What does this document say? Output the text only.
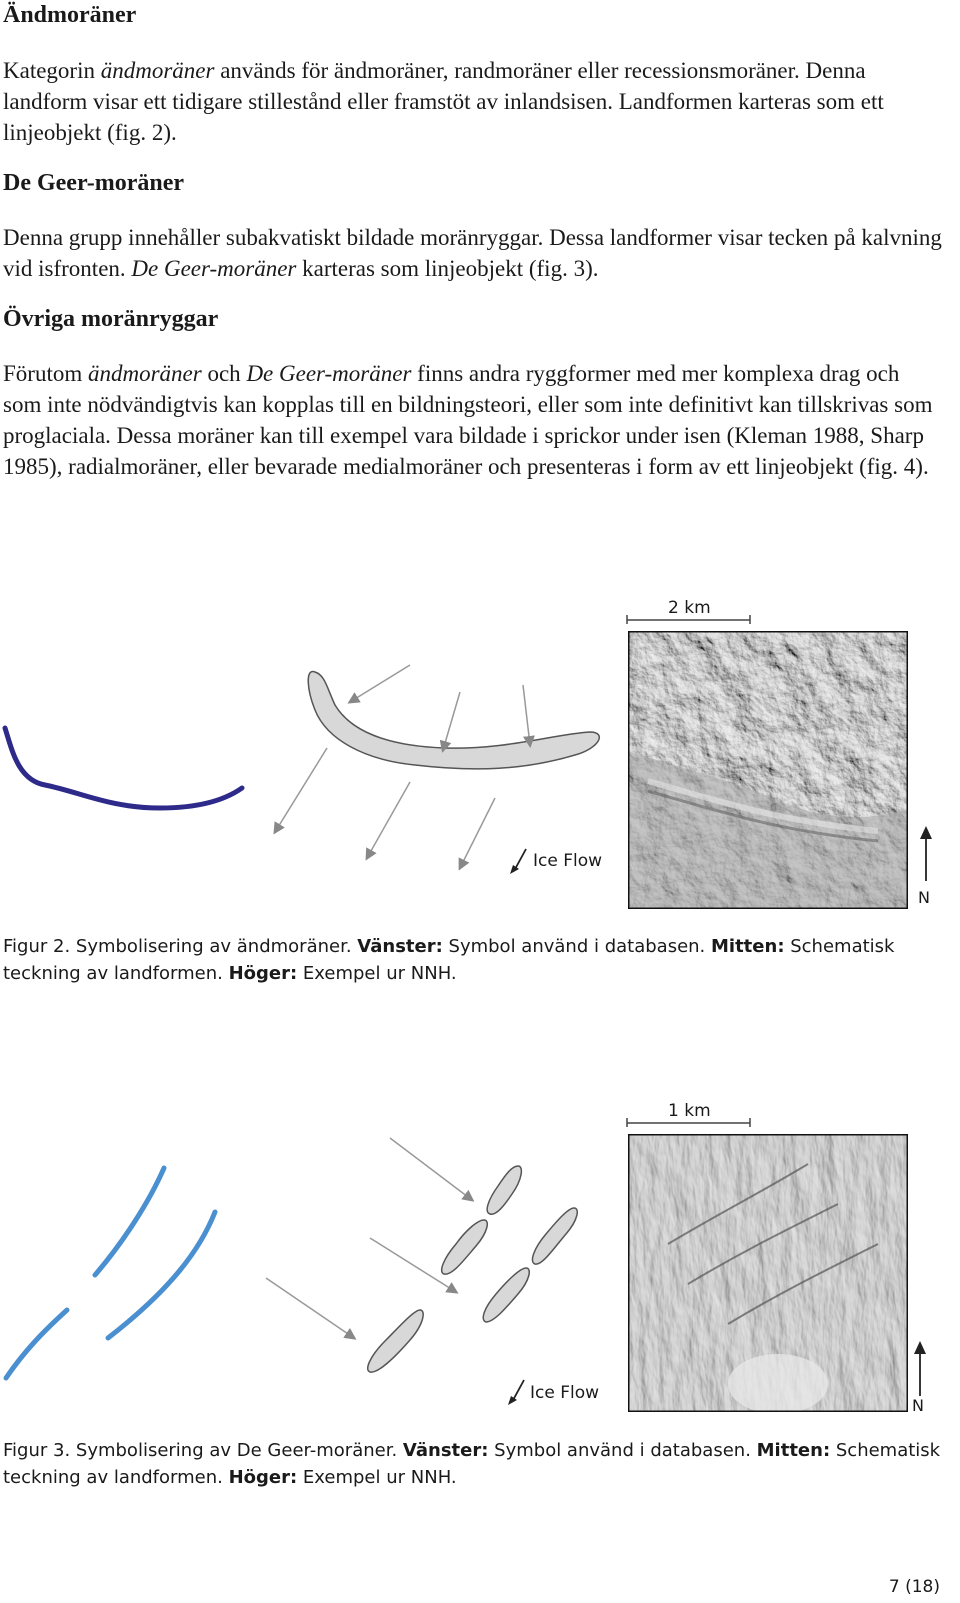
Ändmoräner

Kategorin ändmoräner används för ändmoräner, randmoräner eller recessionsmoräner. Denna landform visar ett tidigare stillestånd eller framstöt av inlandsisen. Landformen karteras som ett linjeobjekt (fig. 2).

De Geer-moräner

Denna grupp innehåller subakvatiskt bildade moränryggar. Dessa landformer visar tecken på kalvning vid isfronten. De Geer-moräner karteras som linjeobjekt (fig. 3).

Övriga moränryggar

Förutom ändmoräner och De Geer-moräner finns andra ryggformer med mer komplexa drag och som inte nödvändigtvis kan kopplas till en bildningsteori, eller som inte definitivt kan tillskrivas som proglaciala. Dessa moräner kan till exempel vara bildade i sprickor under isen (Kleman 1988, Sharp 1985), radialmoräner, eller bevarade medialmoräner och presenteras i form av ett linjeobjekt (fig. 4).

Ice Flow
2 km
N
Figur 2. Symbolisering av ändmoräner. Vänster: Symbol använd i databasen. Mitten: Schematisk teckning av landformen. Höger: Exempel ur NNH.
Ice Flow
1 km
N
Figur 3. Symbolisering av De Geer-moräner. Vänster: Symbol använd i databasen. Mitten: Schematisk teckning av landformen. Höger: Exempel ur NNH.
7 (18)
